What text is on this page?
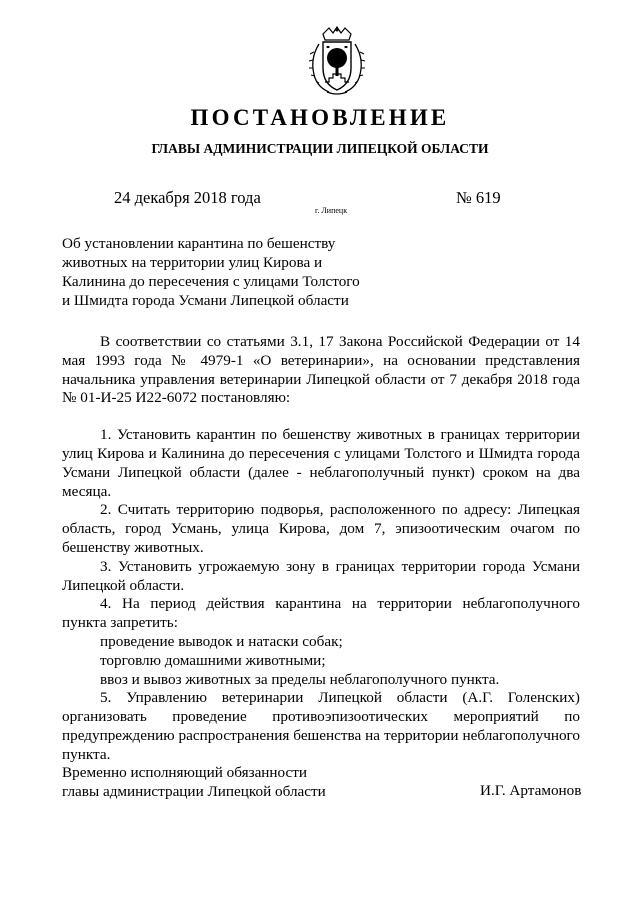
ПОСТАНОВЛЕНИЕ
ГЛАВЫ АДМИНИСТРАЦИИ ЛИПЕЦКОЙ ОБЛАСТИ
24 декабря 2018 года
г. Липецк
№ 619
Об установлении карантина по бешенству
животных на территории улиц Кирова и
Калинина до пересечения с улицами Толстого
и Шмидта города Усмани Липецкой области

В соответствии со статьями 3.1, 17 Закона Российской Федерации от 14 мая 1993 года № 4979-1 «О ветеринарии», на основании представления начальника управления ветеринарии Липецкой области от 7 декабря 2018 года № 01-И-25 И22-6072 постановляю:

1. Установить карантин по бешенству животных в границах территории улиц Кирова и Калинина до пересечения с улицами Толстого и Шмидта города Усмани Липецкой области (далее - неблагополучный пункт) сроком на два месяца.

2. Считать территорию подворья, расположенного по адресу: Липецкая область, город Усмань, улица Кирова, дом 7, эпизоотическим очагом по бешенству животных.

3. Установить угрожаемую зону в границах территории города Усмани Липецкой области.

4. На период действия карантина на территории неблагополучного пункта запретить:

проведение выводок и натаски собак;

торговлю домашними животными;

ввоз и вывоз животных за пределы неблагополучного пункта.

5. Управлению ветеринарии Липецкой области (А.Г. Голенских) организовать проведение противоэпизоотических мероприятий по предупреждению распространения бешенства на территории неблагополучного пункта.

Временно исполняющий обязанности
главы администрации Липецкой области	И.Г. Артамонов
